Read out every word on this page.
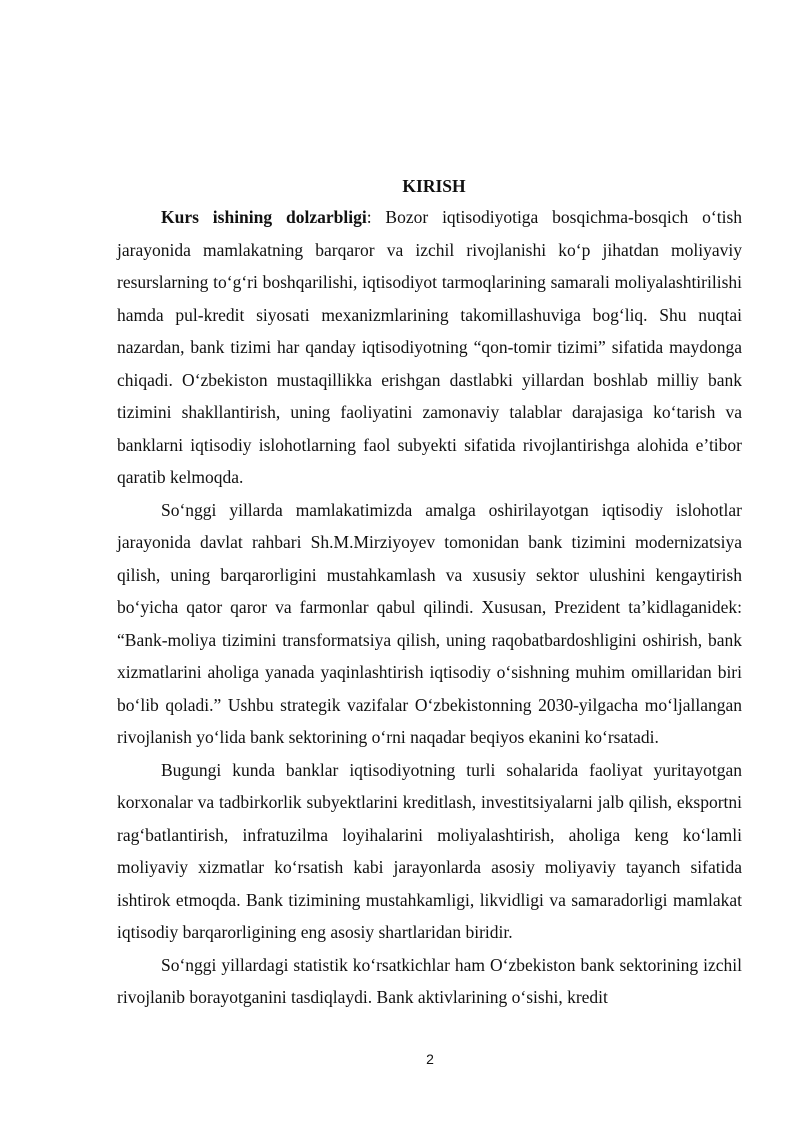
KIRISH

Kurs ishining dolzarbligi: Bozor iqtisodiyotiga bosqichma-bosqich o‘tish jarayonida mamlakatning barqaror va izchil rivojlanishi ko‘p jihatdan moliyaviy resurslarning to‘g‘ri boshqarilishi, iqtisodiyot tarmoqlarining samarali moliyalashtirilishi hamda pul-kredit siyosati mexanizmlarining takomillashuviga bog‘liq. Shu nuqtai nazardan, bank tizimi har qanday iqtisodiyotning “qon-tomir tizimi” sifatida maydonga chiqadi. O‘zbekiston mustaqillikka erishgan dastlabki yillardan boshlab milliy bank tizimini shakllantirish, uning faoliyatini zamonaviy talablar darajasiga ko‘tarish va banklarni iqtisodiy islohotlarning faol subyekti sifatida rivojlantirishga alohida e’tibor qaratib kelmoqda.

So‘nggi yillarda mamlakatimizda amalga oshirilayotgan iqtisodiy islohotlar jarayonida davlat rahbari Sh.M.Mirziyoyev tomonidan bank tizimini modernizatsiya qilish, uning barqarorligini mustahkamlash va xususiy sektor ulushini kengaytirish bo‘yicha qator qaror va farmonlar qabul qilindi. Xususan, Prezident ta’kidlaganidek: “Bank-moliya tizimini transformatsiya qilish, uning raqobatbardoshligini oshirish, bank xizmatlarini aholiga yanada yaqinlashtirish iqtisodiy o‘sishning muhim omillaridan biri bo‘lib qoladi.” Ushbu strategik vazifalar O‘zbekistonning 2030-yilgacha mo‘ljallangan rivojlanish yo‘lida bank sektorining o‘rni naqadar beqiyos ekanini ko‘rsatadi.

Bugungi kunda banklar iqtisodiyotning turli sohalarida faoliyat yuritayotgan korxonalar va tadbirkorlik subyektlarini kreditlash, investitsiyalarni jalb qilish, eksportni rag‘batlantirish, infratuzilma loyihalarini moliyalashtirish, aholiga keng ko‘lamli moliyaviy xizmatlar ko‘rsatish kabi jarayonlarda asosiy moliyaviy tayanch sifatida ishtirok etmoqda. Bank tizimining mustahkamligi, likvidligi va samaradorligi mamlakat iqtisodiy barqarorligining eng asosiy shartlaridan biridir.

So‘nggi yillardagi statistik ko‘rsatkichlar ham O‘zbekiston bank sektorining izchil rivojlanib borayotganini tasdiqlaydi. Bank aktivlarining o‘sishi, kredit

2
